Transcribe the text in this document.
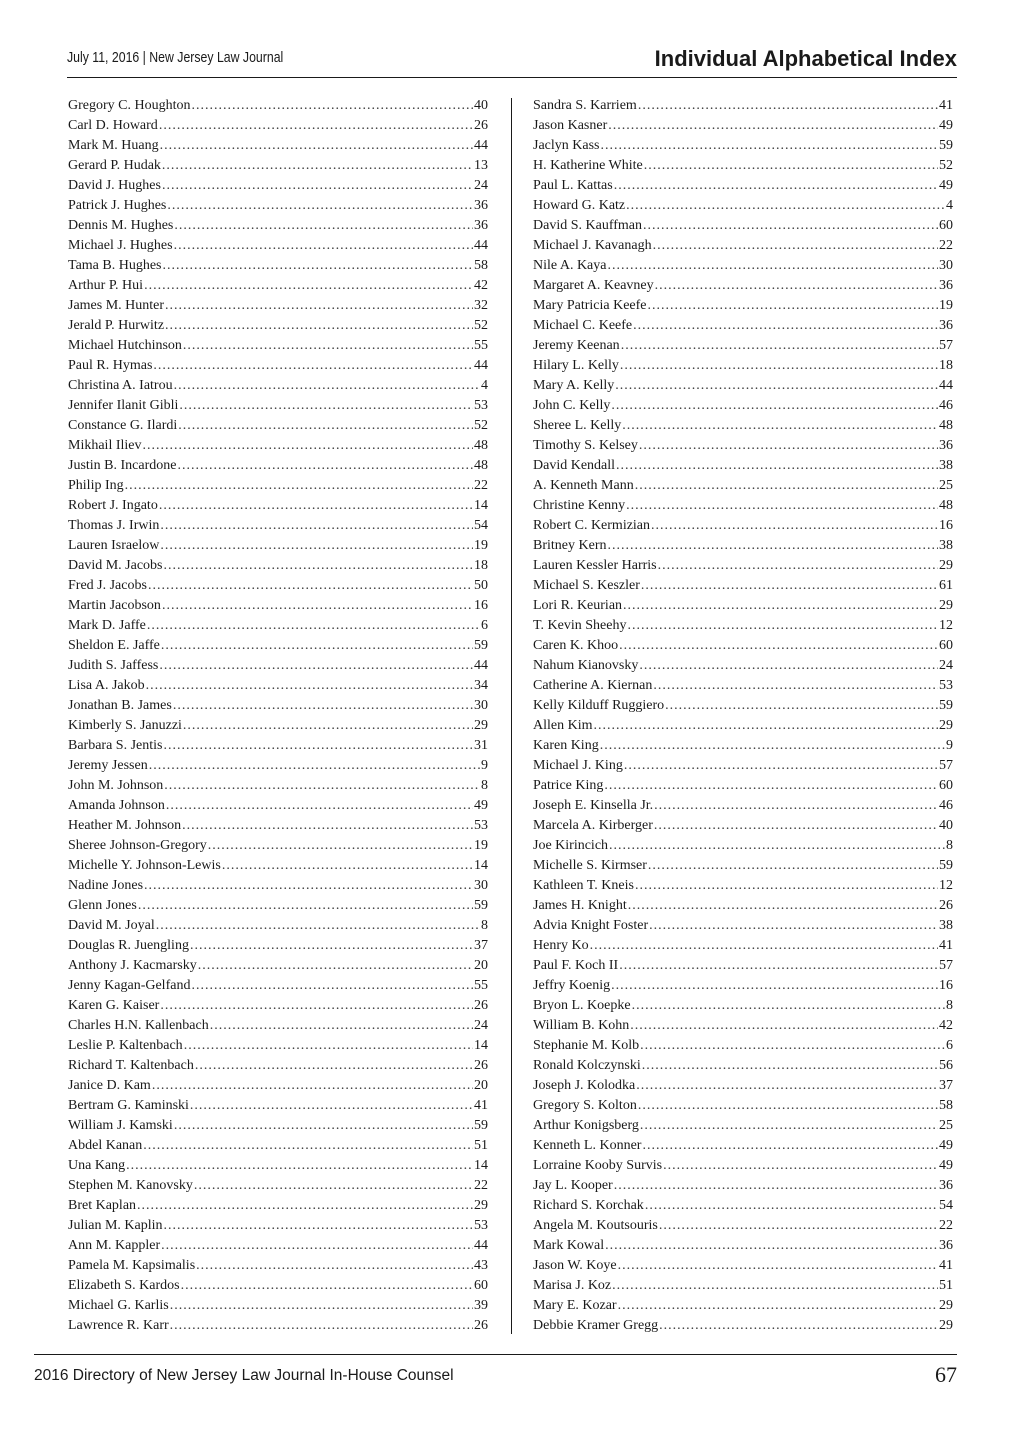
July 11, 2016 | New Jersey Law Journal	Individual Alphabetical Index
Gregory C. Houghton .....	40
Carl D. Howard .....	26
Mark M. Huang .....	44
Gerard P. Hudak .....	13
David J. Hughes .....	24
Patrick J. Hughes .....	36
Dennis M. Hughes .....	36
Michael J. Hughes .....	44
Tama B. Hughes .....	58
Arthur P. Hui .....	42
James M. Hunter .....	32
Jerald P. Hurwitz .....	52
Michael Hutchinson .....	55
Paul R. Hymas .....	44
Christina A. Iatrou .....	4
Jennifer Ilanit Gibli .....	53
Constance G. Ilardi .....	52
Mikhail Iliev .....	48
Justin B. Incardone .....	48
Philip Ing .....	22
Robert J. Ingato .....	14
Thomas J. Irwin .....	54
Lauren Israelow .....	19
David M. Jacobs .....	18
Fred J. Jacobs .....	50
Martin Jacobson .....	16
Mark D. Jaffe .....	6
Sheldon E. Jaffe .....	59
Judith S. Jaffess .....	44
Lisa A. Jakob .....	34
Jonathan B. James .....	30
Kimberly S. Januzzi .....	29
Barbara S. Jentis .....	31
Jeremy Jessen .....	9
John M. Johnson .....	8
Amanda Johnson .....	49
Heather M. Johnson .....	53
Sheree Johnson-Gregory .....	19
Michelle Y. Johnson-Lewis .....	14
Nadine Jones .....	30
Glenn Jones .....	59
David M. Joyal .....	8
Douglas R. Juengling .....	37
Anthony J. Kacmarsky .....	20
Jenny Kagan-Gelfand .....	55
Karen G. Kaiser .....	26
Charles H.N. Kallenbach .....	24
Leslie P. Kaltenbach .....	14
Richard T. Kaltenbach .....	26
Janice D. Kam .....	20
Bertram G. Kaminski .....	41
William J. Kamski .....	59
Abdel Kanan .....	51
Una Kang .....	14
Stephen M. Kanovsky .....	22
Bret Kaplan .....	29
Julian M. Kaplin .....	53
Ann M. Kappler .....	44
Pamela M. Kapsimalis .....	43
Elizabeth S. Kardos .....	60
Michael G. Karlis .....	39
Lawrence R. Karr .....	26
Sandra S. Karriem .....	41
Jason Kasner .....	49
Jaclyn Kass .....	59
H. Katherine White .....	52
Paul L. Kattas .....	49
Howard G. Katz .....	4
David S. Kauffman .....	60
Michael J. Kavanagh .....	22
Nile A. Kaya .....	30
Margaret A. Keavney .....	36
Mary Patricia Keefe .....	19
Michael C. Keefe .....	36
Jeremy Keenan .....	57
Hilary L. Kelly .....	18
Mary A. Kelly .....	44
John C. Kelly .....	46
Sheree L. Kelly .....	48
Timothy S. Kelsey .....	36
David Kendall .....	38
A. Kenneth Mann .....	25
Christine Kenny .....	48
Robert C. Kermizian .....	16
Britney Kern .....	38
Lauren Kessler Harris .....	29
Michael S. Keszler .....	61
Lori R. Keurian .....	29
T. Kevin Sheehy .....	12
Caren K. Khoo .....	60
Nahum Kianovsky .....	24
Catherine A. Kiernan .....	53
Kelly Kilduff Ruggiero .....	59
Allen Kim .....	29
Karen King .....	9
Michael J. King .....	57
Patrice King .....	60
Joseph E. Kinsella Jr. .....	46
Marcela A. Kirberger .....	40
Joe Kirincich .....	8
Michelle S. Kirmser .....	59
Kathleen T. Kneis .....	12
James H. Knight .....	26
Advia Knight Foster .....	38
Henry Ko .....	41
Paul F. Koch II .....	57
Jeffry Koenig .....	16
Bryon L. Koepke .....	8
William B. Kohn .....	42
Stephanie M. Kolb .....	6
Ronald Kolczynski .....	56
Joseph J. Kolodka .....	37
Gregory S. Kolton .....	58
Arthur Konigsberg .....	25
Kenneth L. Konner .....	49
Lorraine Kooby Survis .....	49
Jay L. Kooper .....	36
Richard S. Korchak .....	54
Angela M. Koutsouris .....	22
Mark Kowal .....	36
Jason W. Koye .....	41
Marisa J. Koz .....	51
Mary E. Kozar .....	29
Debbie Kramer Gregg .....	29
2016 Directory of New Jersey Law Journal In-House Counsel	67
